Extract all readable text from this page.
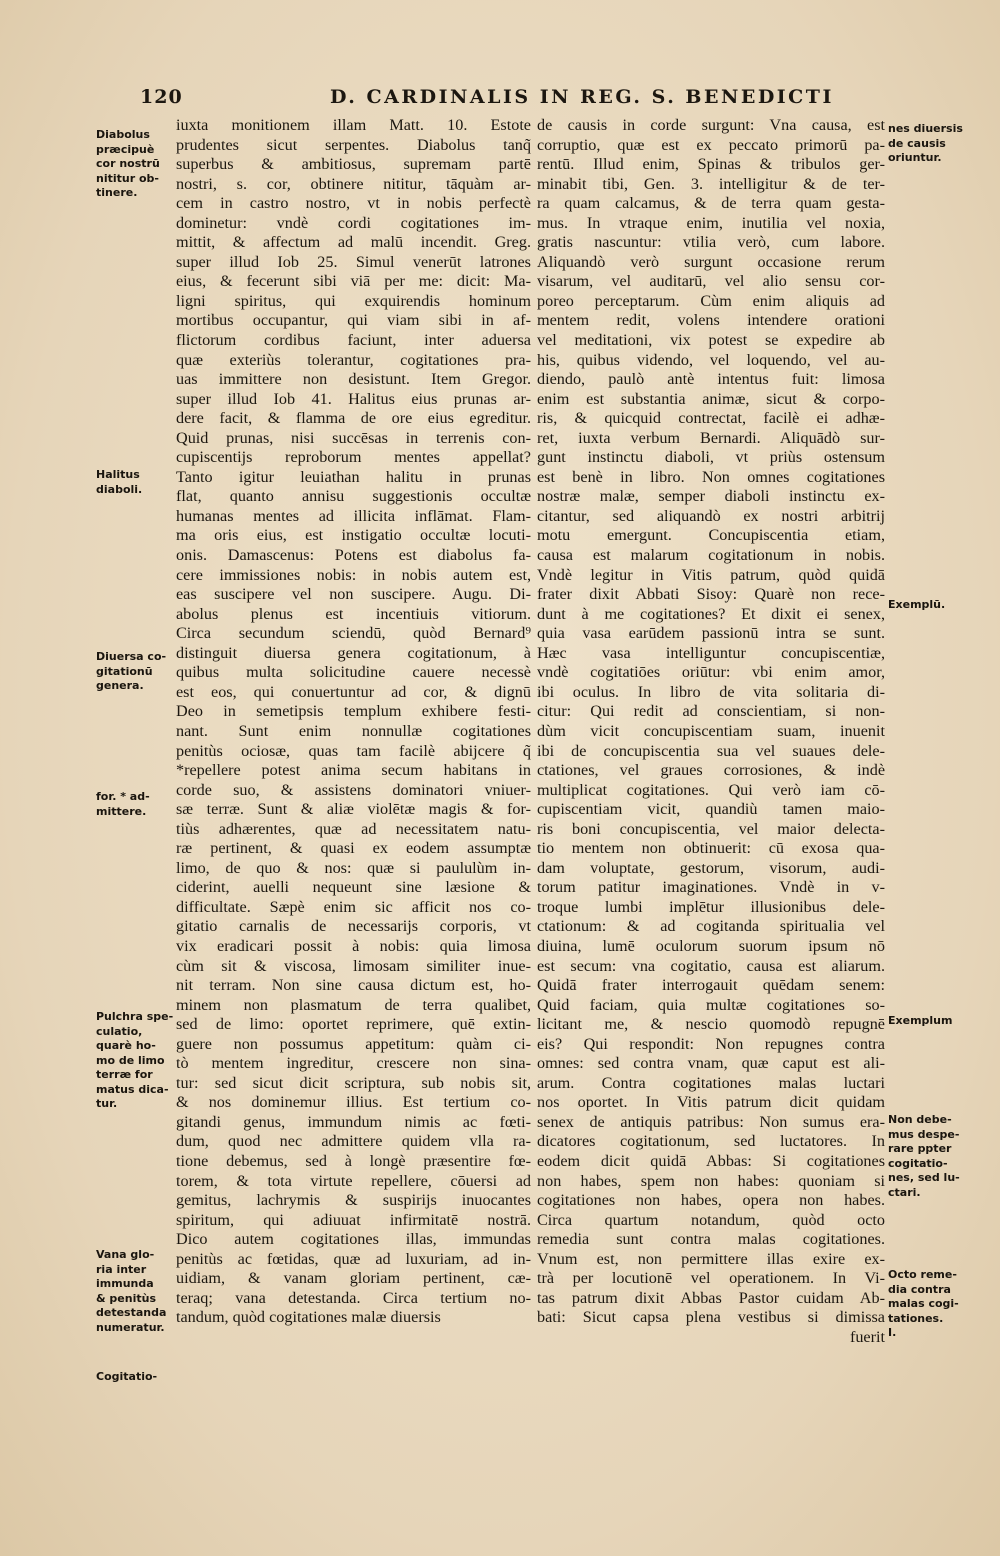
120	D. CARDINALIS IN REG. S. BENEDICTI
iuxta monitionem illam Matt. 10. Estote
prudentes sicut serpentes. Diabolus tanq̃
superbus & ambitiosus, supremam partē
nostri, s. cor, obtinere nititur, tāquàm ar-
cem in castro nostro, vt in nobis perfectè
dominetur: vndè cordi cogitationes im-
mittit, & affectum ad malū incendit. Greg.
super illud Iob 25. Simul venerūt latrones
eius, & fecerunt sibi viā per me: dicit: Ma-
ligni spiritus, qui exquirendis hominum
mortibus occupantur, qui viam sibi in af-
flictorum cordibus faciunt, inter aduersa
quæ exteriùs tolerantur, cogitationes pra-
uas immittere non desistunt. Item Gregor.
super illud Iob 41. Halitus eius prunas ar-
dere facit, & flamma de ore eius egreditur.
Quid prunas, nisi succēsas in terrenis con-
cupiscentijs reproborum mentes appellat?
Tanto igitur leuiathan halitu in prunas
flat, quanto annisu suggestionis occultæ
humanas mentes ad illicita inflāmat. Flam-
ma oris eius, est instigatio occultæ locuti-
onis. Damascenus: Potens est diabolus fa-
cere immissiones nobis: in nobis autem est,
eas suscipere vel non suscipere. Augu. Di-
abolus plenus est incentiuis vitiorum.
Circa secundum sciendū, quòd Bernard⁹
distinguit diuersa genera cogitationum, à
quibus multa solicitudine cauere necessè
est eos, qui conuertuntur ad cor, & dignū
Deo in semetipsis templum exhibere festi-
nant. Sunt enim nonnullæ cogitationes
penitùs ociosæ, quas tam facilè abijcere q̃
*repellere potest anima secum habitans in
corde suo, & assistens dominatori vniuer-
sæ terræ. Sunt & aliæ violētæ magis & for-
tiùs adhærentes, quæ ad necessitatem natu-
ræ pertinent, & quasi ex eodem assumptæ
limo, de quo & nos: quæ si paululùm in-
ciderint, auelli nequeunt sine læsione &
difficultate. Sæpè enim sic afficit nos co-
gitatio carnalis de necessarijs corporis, vt
vix eradicari possit à nobis: quia limosa
cùm sit & viscosa, limosam similiter inue-
nit terram. Non sine causa dictum est, ho-
minem non plasmatum de terra qualibet,
sed de limo: oportet reprimere, quē extin-
guere non possumus appetitum: quàm ci-
tò mentem ingreditur, crescere non sina-
tur: sed sicut dicit scriptura, sub nobis sit,
& nos dominemur illius. Est tertium co-
gitandi genus, immundum nimis ac fœti-
dum, quod nec admittere quidem vlla ra-
tione debemus, sed à longè præsentire fœ-
torem, & tota virtute repellere, cōuersi ad
gemitus, lachrymis & suspirijs inuocantes
spiritum, qui adiuuat infirmitatē nostrā.
Dico autem cogitationes illas, immundas
penitùs ac fœtidas, quæ ad luxuriam, ad in-
uidiam, & vanam gloriam pertinent, cæ-
teraq; vana detestanda. Circa tertium no-
tandum, quòd cogitationes malæ diuersis
de causis in corde surgunt: Vna causa, est
corruptio, quæ est ex peccato primorū pa-
rentū. Illud enim, Spinas & tribulos ger-
minabit tibi, Gen. 3. intelligitur & de ter-
ra quam calcamus, & de terra quam gesta-
mus. In vtraque enim, inutilia vel noxia,
gratis nascuntur: vtilia verò, cum labore.
Aliquandò verò surgunt occasione rerum
visarum, vel auditarū, vel alio sensu cor-
poreo perceptarum. Cùm enim aliquis ad
mentem redit, volens intendere orationi
vel meditationi, vix potest se expedire ab
his, quibus videndo, vel loquendo, vel au-
diendo, paulò antè intentus fuit: limosa
enim est substantia animæ, sicut & corpo-
ris, & quicquid contrectat, facilè ei adhæ-
ret, iuxta verbum Bernardi. Aliquādò sur-
gunt instinctu diaboli, vt priùs ostensum
est benè in libro. Non omnes cogitationes
nostræ malæ, semper diaboli instinctu ex-
citantur, sed aliquandò ex nostri arbitrij
motu emergunt. Concupiscentia etiam,
causa est malarum cogitationum in nobis.
Vndè legitur in Vitis patrum, quòd quidā
frater dixit Abbati Sisoy: Quarè non rece-
dunt à me cogitationes? Et dixit ei senex,
quia vasa earūdem passionū intra se sunt.
Hæc vasa intelliguntur concupiscentiæ,
vndè cogitatiōes oriūtur: vbi enim amor,
ibi oculus. In libro de vita solitaria di-
citur: Qui redit ad conscientiam, si non-
dùm vicit concupiscentiam suam, inuenit
ibi de concupiscentia sua vel suaues dele-
ctationes, vel graues corrosiones, & indè
multiplicat cogitationes. Qui verò iam cō-
cupiscentiam vicit, quandiù tamen maio-
ris boni concupiscentia, vel maior delecta-
tio mentem non obtinuerit: cū exosa qua-
dam voluptate, gestorum, visorum, audi-
torum patitur imaginationes. Vndè in v-
troque lumbi implētur illusionibus dele-
ctationum: & ad cogitanda spiritualia vel
diuina, lumē oculorum suorum ipsum nō
est secum: vna cogitatio, causa est aliarum.
Quidā frater interrogauit quēdam senem:
Quid faciam, quia multæ cogitationes so-
licitant me, & nescio quomodò repugnē
eis? Qui respondit: Non repugnes contra
omnes: sed contra vnam, quæ caput est ali-
arum. Contra cogitationes malas luctari
nos oportet. In Vitis patrum dicit quidam
senex de antiquis patribus: Non sumus era-
dicatores cogitationum, sed luctatores. In
eodem dicit quidā Abbas: Si cogitationes
non habes, spem non habes: quoniam si
cogitationes non habes, opera non habes.
Circa quartum notandum, quòd octo
remedia sunt contra malas cogitationes.
Vnum est, non permittere illas exire ex-
trà per locutionē vel operationem. In Vi-
tas patrum dixit Abbas Pastor cuidam Ab-
bati: Sicut capsa plena vestibus si dimissa
fuerit
Diabolus
præcipuè
cor nostrū
nititur ob-
tinere.
Halitus
diaboli.
Diuersa co-
gitationū
genera.
for. * ad-
mittere.
Pulchra spe-
culatio,
quarè ho-
mo de limo
terræ for
matus dica-
tur.
Vana glo-
ria inter
immunda
& penitùs
detestanda
numeratur.
Cogitatio-
nes diuersis
de causis
oriuntur.
Exemplū.
Exemplum
Non debe-
mus despe-
rare ppter
cogitatio-
nes, sed lu-
ctari.
Octo reme-
dia contra
malas cogi-
tationes.
I.
